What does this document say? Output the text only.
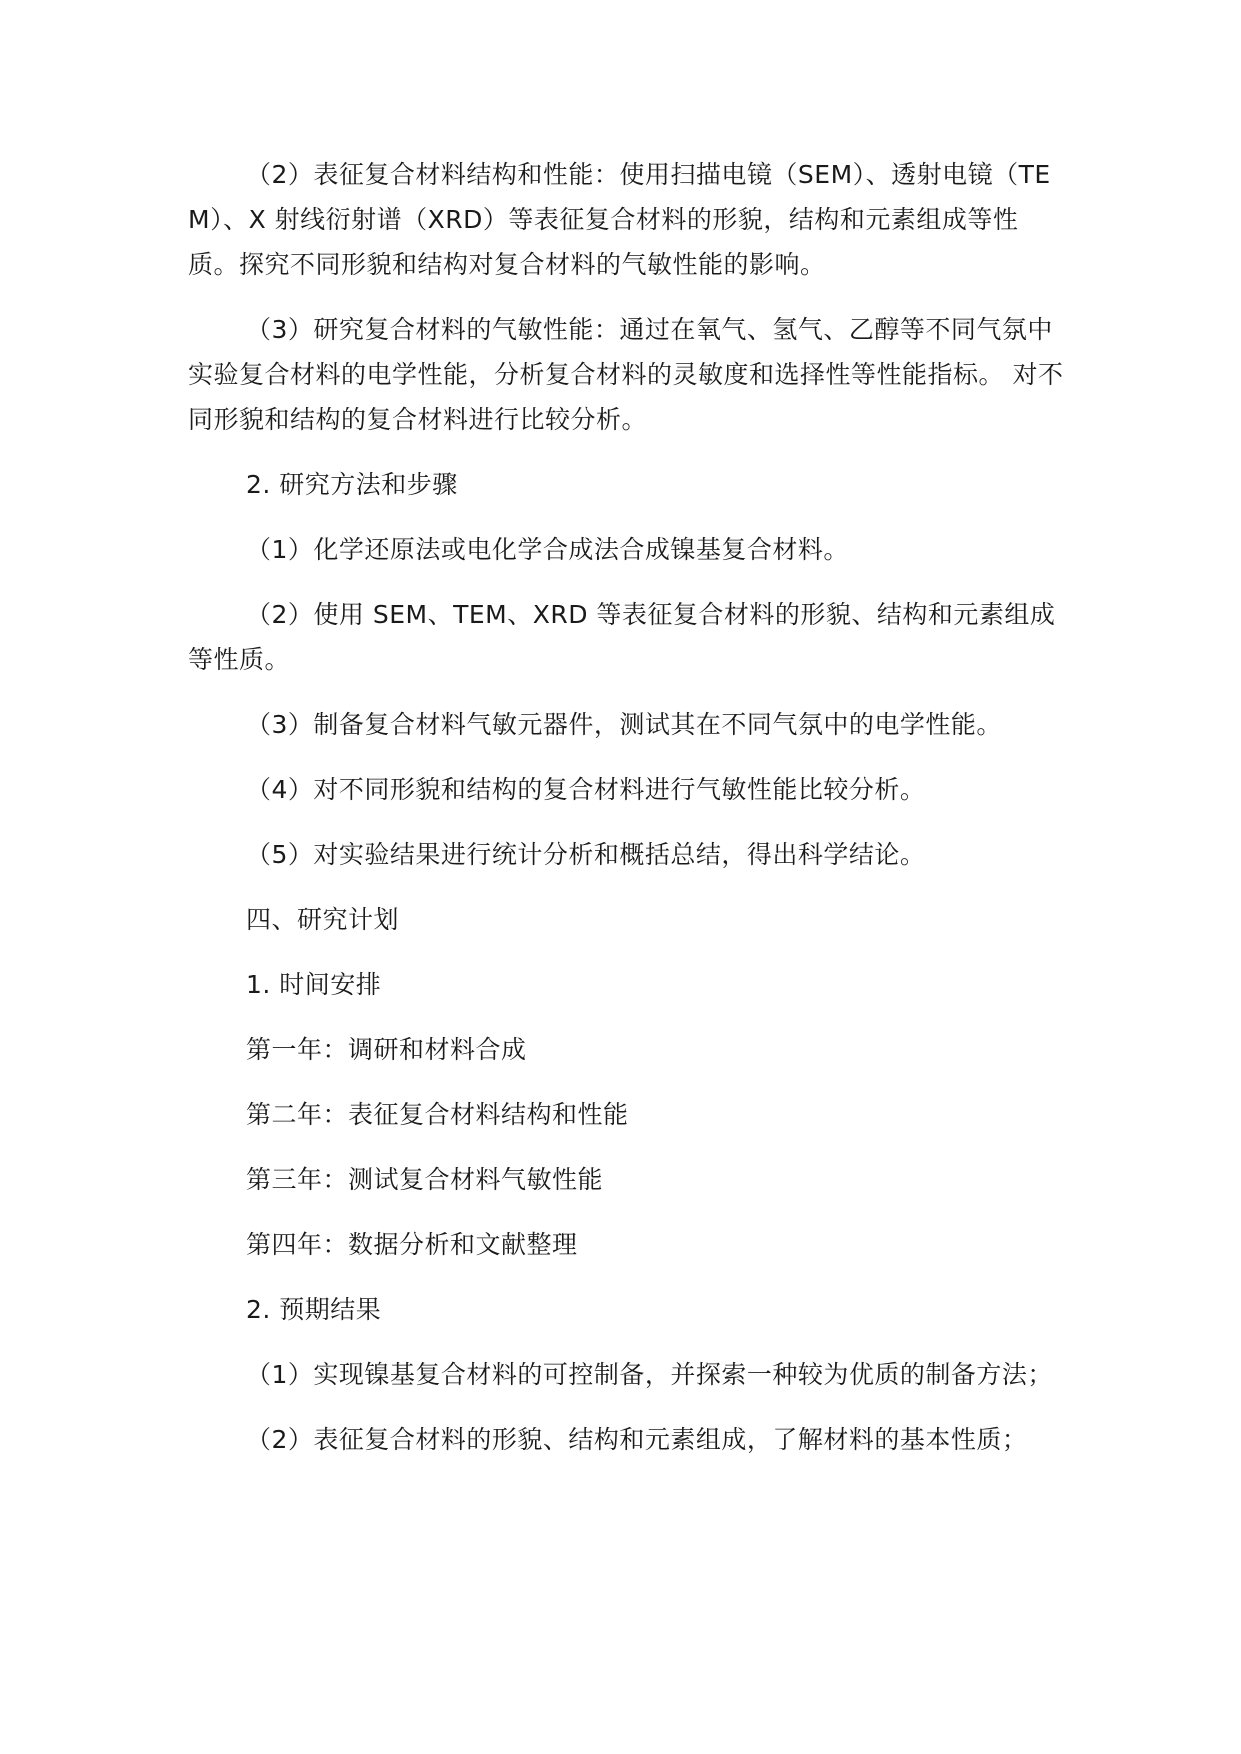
（2）表征复合材料结构和性能：使用扫描电镜（SEM）、透射电镜（TEM）、X 射线衍射谱（XRD）等表征复合材料的形貌，结构和元素组成等性质。探究不同形貌和结构对复合材料的气敏性能的影响。

（3）研究复合材料的气敏性能：通过在氧气、氢气、乙醇等不同气氛中实验复合材料的电学性能，分析复合材料的灵敏度和选择性等性能指标。 对不同形貌和结构的复合材料进行比较分析。

2. 研究方法和步骤

（1）化学还原法或电化学合成法合成镍基复合材料。

（2）使用 SEM、TEM、XRD 等表征复合材料的形貌、结构和元素组成等性质。

（3）制备复合材料气敏元器件，测试其在不同气氛中的电学性能。

（4）对不同形貌和结构的复合材料进行气敏性能比较分析。

（5）对实验结果进行统计分析和概括总结，得出科学结论。

四、研究计划

1. 时间安排

第一年：调研和材料合成

第二年：表征复合材料结构和性能

第三年：测试复合材料气敏性能

第四年：数据分析和文献整理

2. 预期结果

（1）实现镍基复合材料的可控制备，并探索一种较为优质的制备方法；

（2）表征复合材料的形貌、结构和元素组成，了解材料的基本性质；
